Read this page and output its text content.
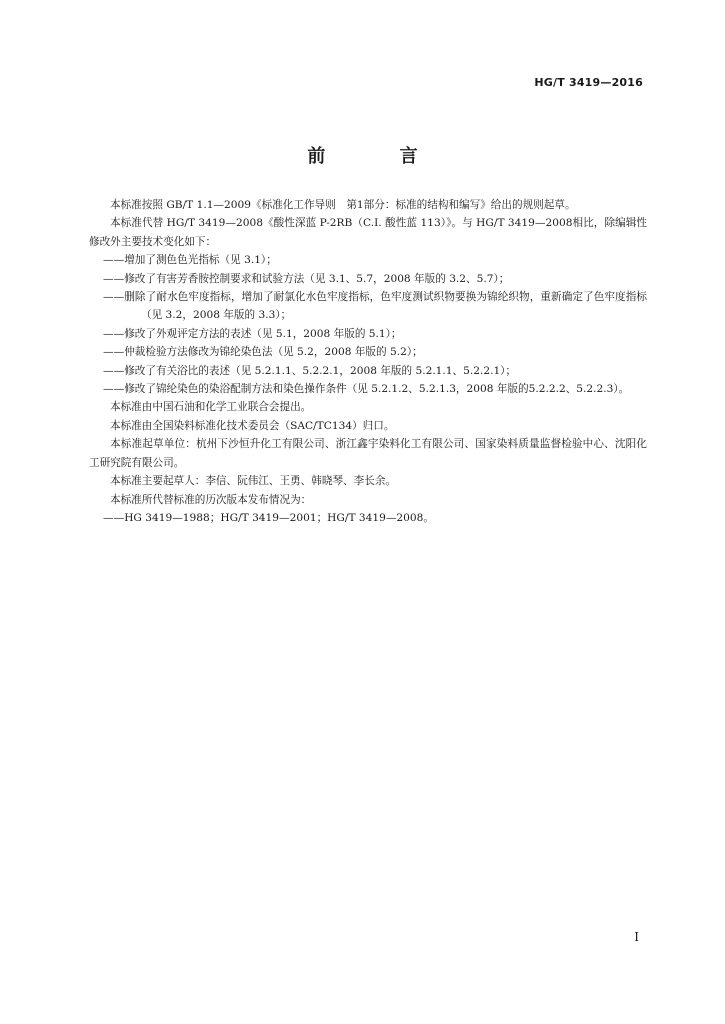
HG/T 3419—2016
前 言

本标准按照 GB/T 1.1—2009《标准化工作导则　第1部分：标准的结构和编写》给出的规则起草。

本标准代替 HG/T 3419—2008《酸性深蓝 P-2RB（C.I. 酸性蓝 113）》。与 HG/T 3419—2008相比，除编辑性修改外主要技术变化如下：

——增加了测色色光指标（见 3.1）；

——修改了有害芳香胺控制要求和试验方法（见 3.1、5.7，2008 年版的 3.2、5.7）；

——删除了耐水色牢度指标，增加了耐氯化水色牢度指标，色牢度测试织物要换为锦纶织物，重新确定了色牢度指标（见 3.2，2008 年版的 3.3）；

——修改了外观评定方法的表述（见 5.1，2008 年版的 5.1）；

——仲裁检验方法修改为锦纶染色法（见 5.2，2008 年版的 5.2）；

——修改了有关浴比的表述（见 5.2.1.1、5.2.2.1，2008 年版的 5.2.1.1、5.2.2.1）；

——修改了锦纶染色的染浴配制方法和染色操作条件（见 5.2.1.2、5.2.1.3，2008 年版的5.2.2.2、5.2.2.3）。

本标准由中国石油和化学工业联合会提出。

本标准由全国染料标准化技术委员会（SAC/TC134）归口。

本标准起草单位：杭州下沙恒升化工有限公司、浙江鑫宇染料化工有限公司、国家染料质量监督检验中心、沈阳化工研究院有限公司。

本标准主要起草人：李信、阮伟江、王勇、韩晓琴、李长余。

本标准所代替标准的历次版本发布情况为：

——HG 3419—1988；HG/T 3419—2001；HG/T 3419—2008。

I
